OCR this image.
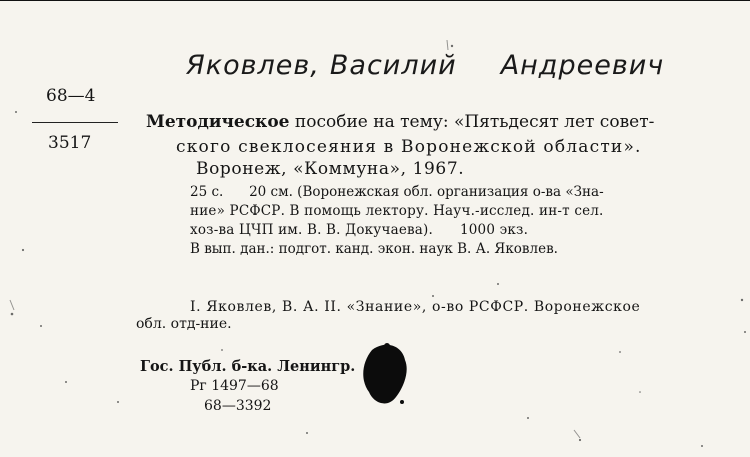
Яковлев, Василий Андреевич
68—4
3517
Методическое пособие на тему: «Пятьдесят лет совет-
ского свеклосеяния в Воронежской области».
Воронеж, «Коммуна», 1967.
25 с.      20 см. (Воронежская обл. организация о-ва «Зна-
ние» РСФСР. В помощь лектору. Науч.-исслед. ин-т сел.
хоз-ва ЦЧП им. В. В. Докучаева).      1000 экз.
В вып. дан.: подгот. канд. экон. наук В. А. Яковлев.
I. Яковлев, В. А. II. «Знание», о-во РСФСР. Воронежское
обл. отд-ние.
Гос. Публ. б-ка. Ленингр.
Рг 1497—68
68—3392
